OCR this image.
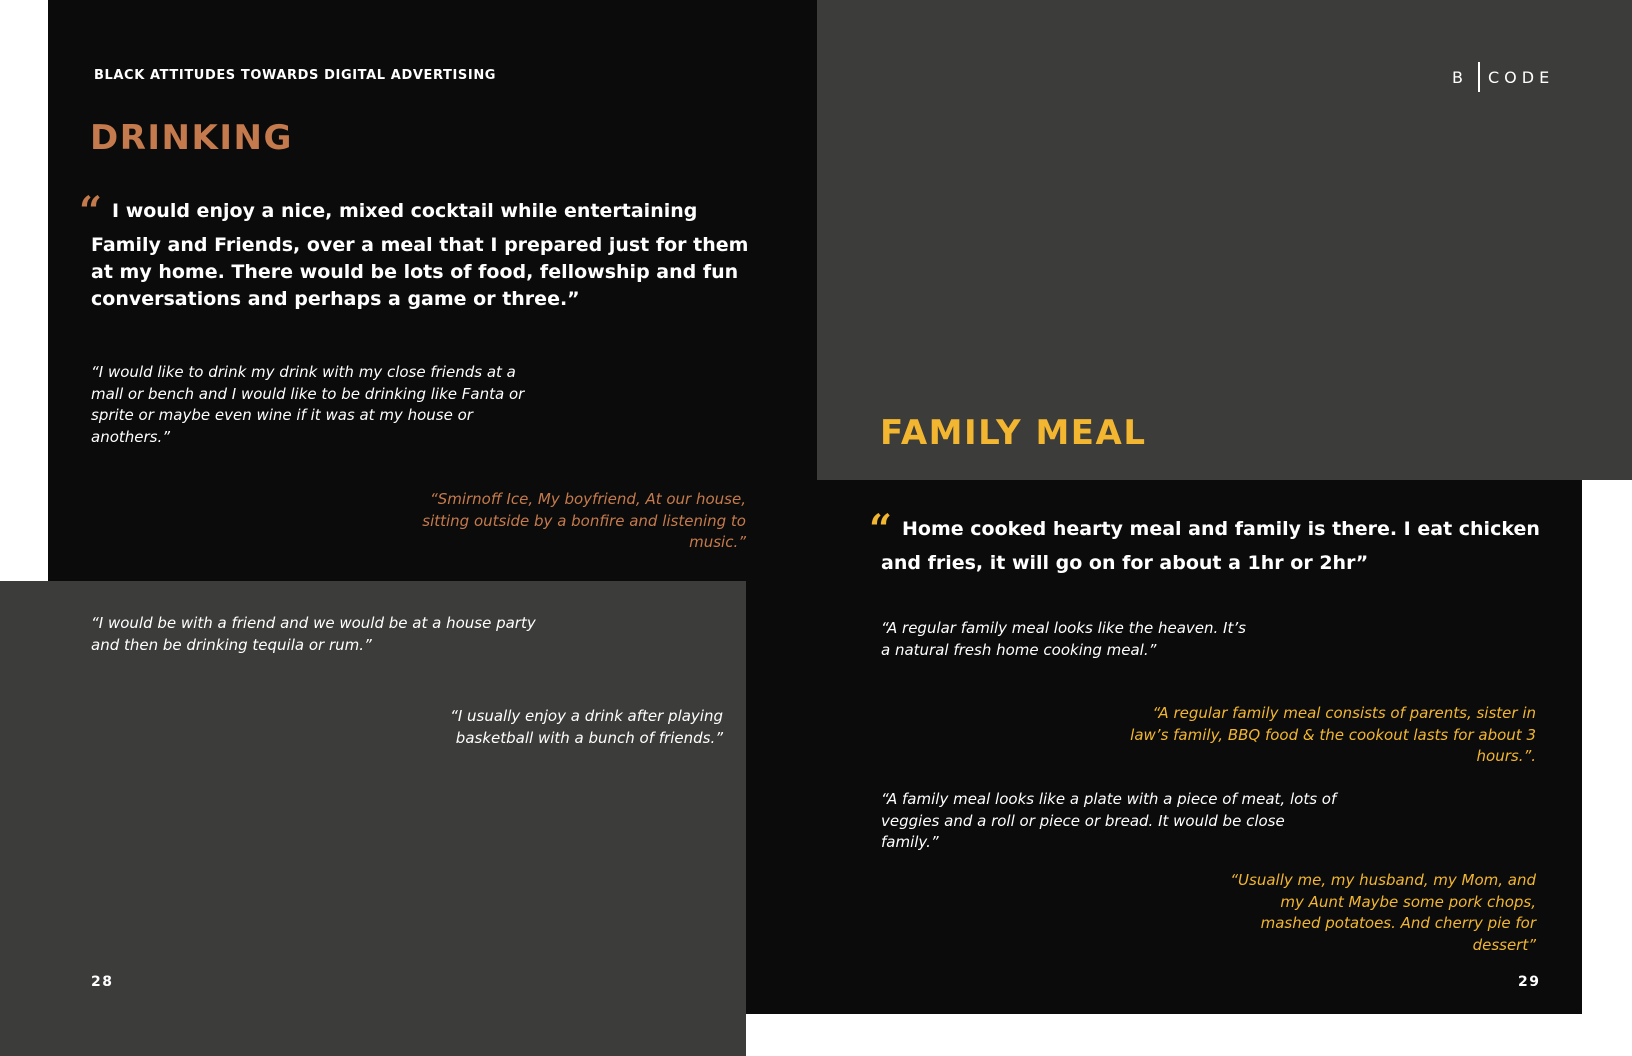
BLACK ATTITUDES TOWARDS DIGITAL ADVERTISING
DRINKING SCENARIO
“ I would enjoy a nice, mixed cocktail while entertaining Family and Friends, over a meal that I prepared just for them at my home. There would be lots of food, fellowship and fun conversations and perhaps a game or three.”

“I would like to drink my drink with my close friends at a mall or bench and I would like to be drinking like Fanta or sprite or maybe even wine if it was at my house or anothers.”

“Smirnoff Ice, My boyfriend, At our house, sitting outside by a bonfire and listening to music.”

“I would be with a friend and we would be at a house party and then be drinking tequila or rum.”

“I usually enjoy a drink after playing basketball with a bunch of friends.”

28
B CODE
FAMILY MEAL SCENARIO
“ Home cooked hearty meal and family is there. I eat chicken and fries, it will go on for about a 1hr or 2hr”

“A regular family meal looks like the heaven. It’s a natural fresh home cooking meal.”

“A regular family meal consists of parents, sister in law’s family, BBQ food & the cookout lasts for about 3 hours.”.

“A family meal looks like a plate with a piece of meat, lots of veggies and a roll or piece or bread. It would be close family.”

“Usually me, my husband, my Mom, and my Aunt Maybe some pork chops, mashed potatoes. And cherry pie for dessert”

29
